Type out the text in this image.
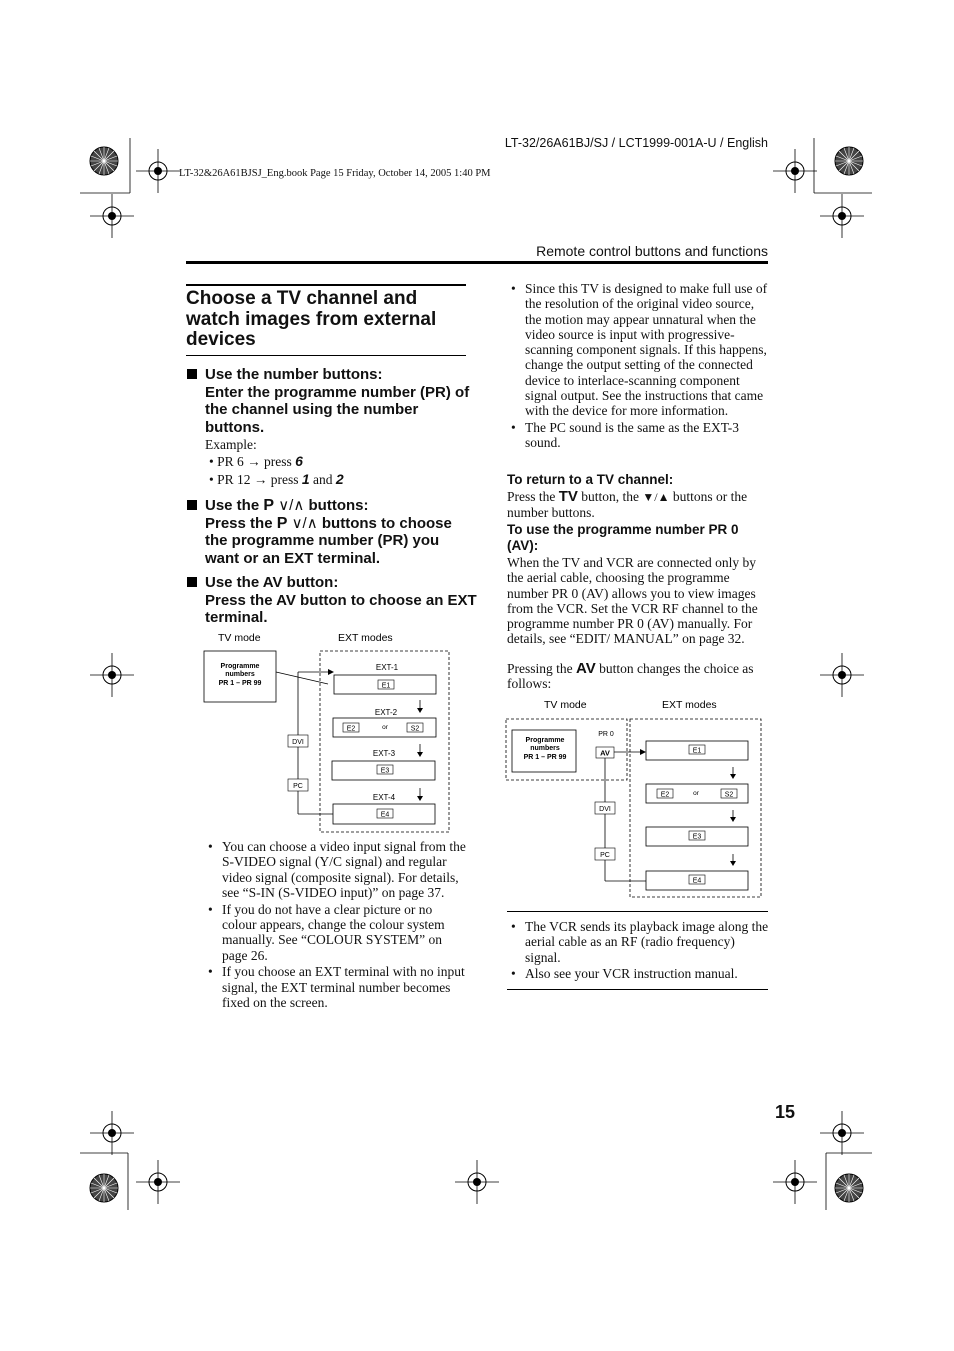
LT-32/26A61BJ/SJ / LCT1999-001A-U / English
LT-32&26A61BJSJ_Eng.book Page 15 Friday, October 14, 2005 1:40 PM
Remote control buttons and functions
Choose a TV channel and watch images from external devices
Use the number buttons:
Enter the programme number (PR) of the channel using the number buttons.
Example:
• PR 6 → press 6
• PR 12 → press 1 and 2
Use the P ∨/∧ buttons:
Press the P ∨/∧ buttons to choose the programme number (PR) you want or an EXT terminal.
Use the AV button:
Press the AV button to choose an EXT terminal.
TV mode	EXT modes
Programme
numbers
PR 1 – PR 99
EXT-1
E1
EXT-2
E2	or	S2
EXT-3
E3
EXT-4
E4
DVI
PC
• You can choose a video input signal from the S-VIDEO signal (Y/C signal) and regular video signal (composite signal). For details, see “S-IN (S-VIDEO input)” on page 37.
• If you do not have a clear picture or no colour appears, change the colour system manually. See “COLOUR SYSTEM” on page 26.
• If you choose an EXT terminal with no input signal, the EXT terminal number becomes fixed on the screen.
• Since this TV is designed to make full use of the resolution of the original video source, the motion may appear unnatural when the video source is input with progressive-scanning component signals. If this happens, change the output setting of the connected device to interlace-scanning component signal output. See the instructions that came with the device for more information.
• The PC sound is the same as the EXT-3 sound.
To return to a TV channel:
Press the TV button, the ▼/▲ buttons or the number buttons.
To use the programme number PR 0 (AV):
When the TV and VCR are connected only by the aerial cable, choosing the programme number PR 0 (AV) allows you to view images from the VCR. Set the VCR RF channel to the programme number PR 0 (AV) manually. For details, see “EDIT/ MANUAL” on page 32.
Pressing the AV button changes the choice as follows:
TV mode	EXT modes
Programme
numbers
PR 1 – PR 99
PR 0
AV	E1
E2	or	S2
E3
E4
DVI
PC
• The VCR sends its playback image along the aerial cable as an RF (radio frequency) signal.
• Also see your VCR instruction manual.
15
